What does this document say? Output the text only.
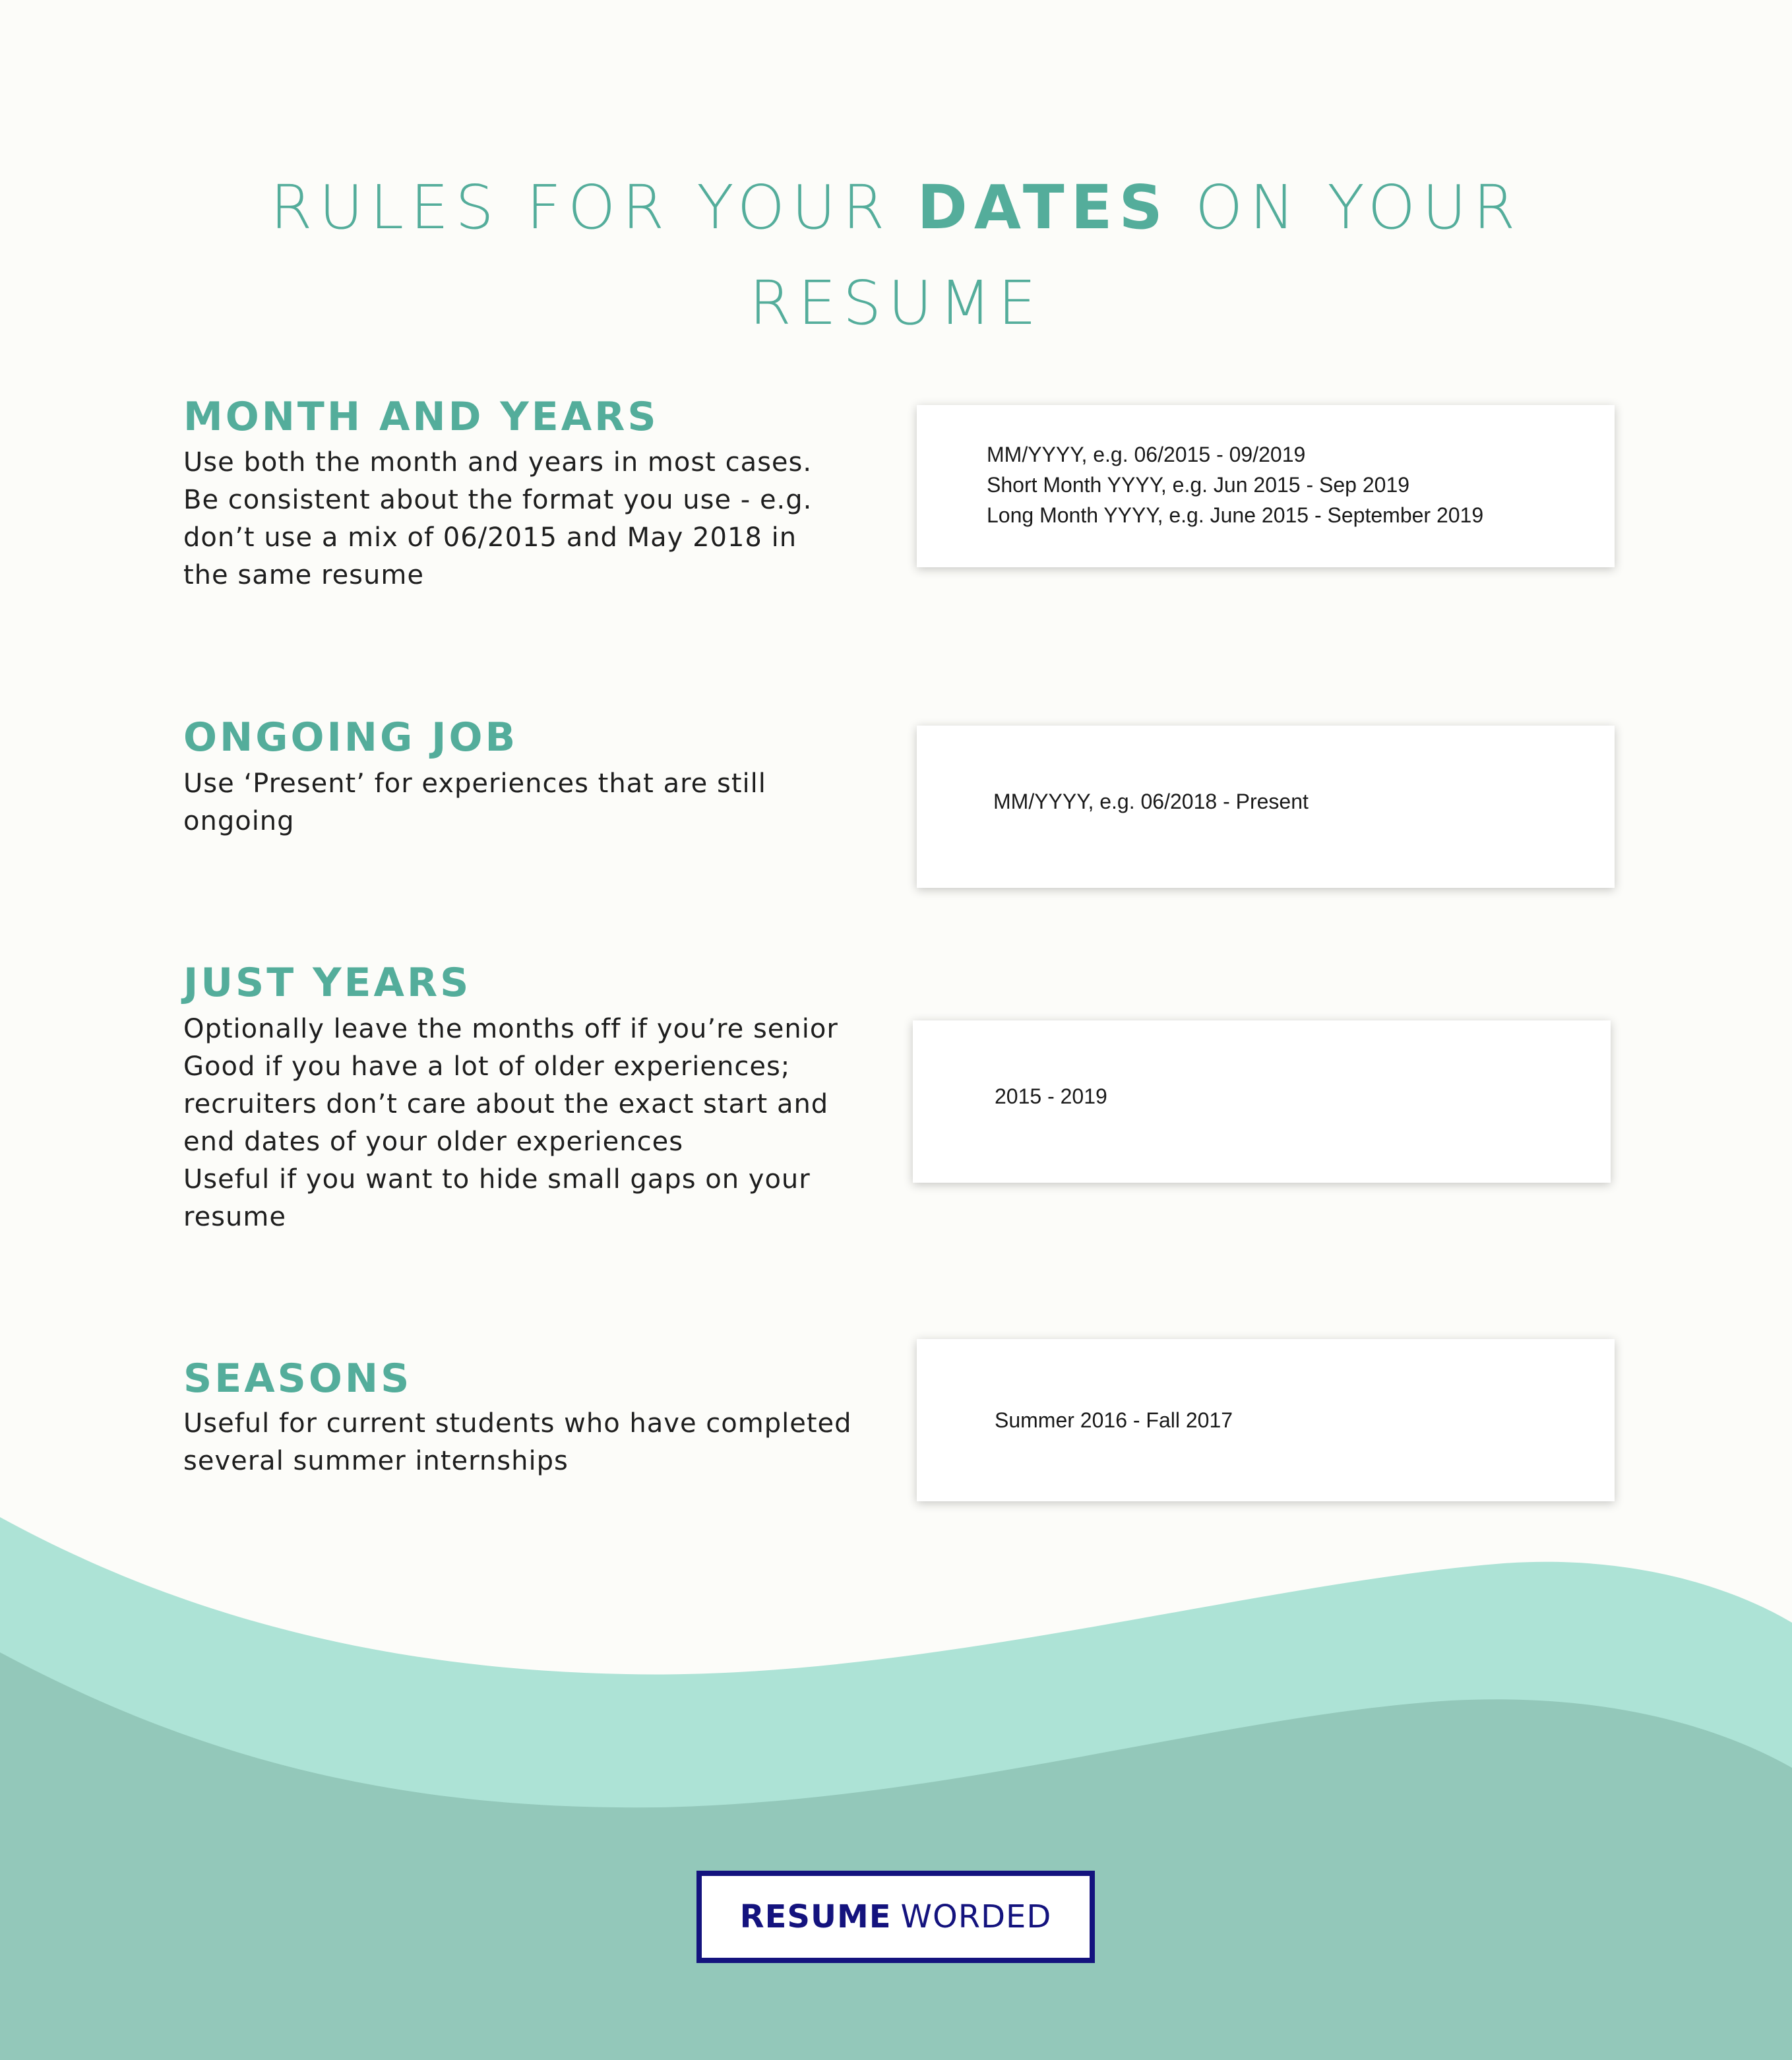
RULES FOR YOUR DATES ON YOUR
RESUME
MONTH AND YEARS
Use both the month and years in most cases.
Be consistent about the format you use - e.g.
don’t use a mix of 06/2015 and May 2018 in
the same resume
MM/YYYY, e.g. 06/2015 - 09/2019
Short Month YYYY, e.g. Jun 2015 - Sep 2019
Long Month YYYY, e.g. June 2015 - September 2019
ONGOING JOB
Use ‘Present’ for experiences that are still
ongoing
MM/YYYY, e.g. 06/2018 - Present
JUST YEARS
Optionally leave the months off if you’re senior
Good if you have a lot of older experiences;
recruiters don’t care about the exact start and
end dates of your older experiences
Useful if you want to hide small gaps on your
resume
2015 - 2019
SEASONS
Useful for current students who have completed
several summer internships
Summer 2016 - Fall 2017
RESUME WORDED
